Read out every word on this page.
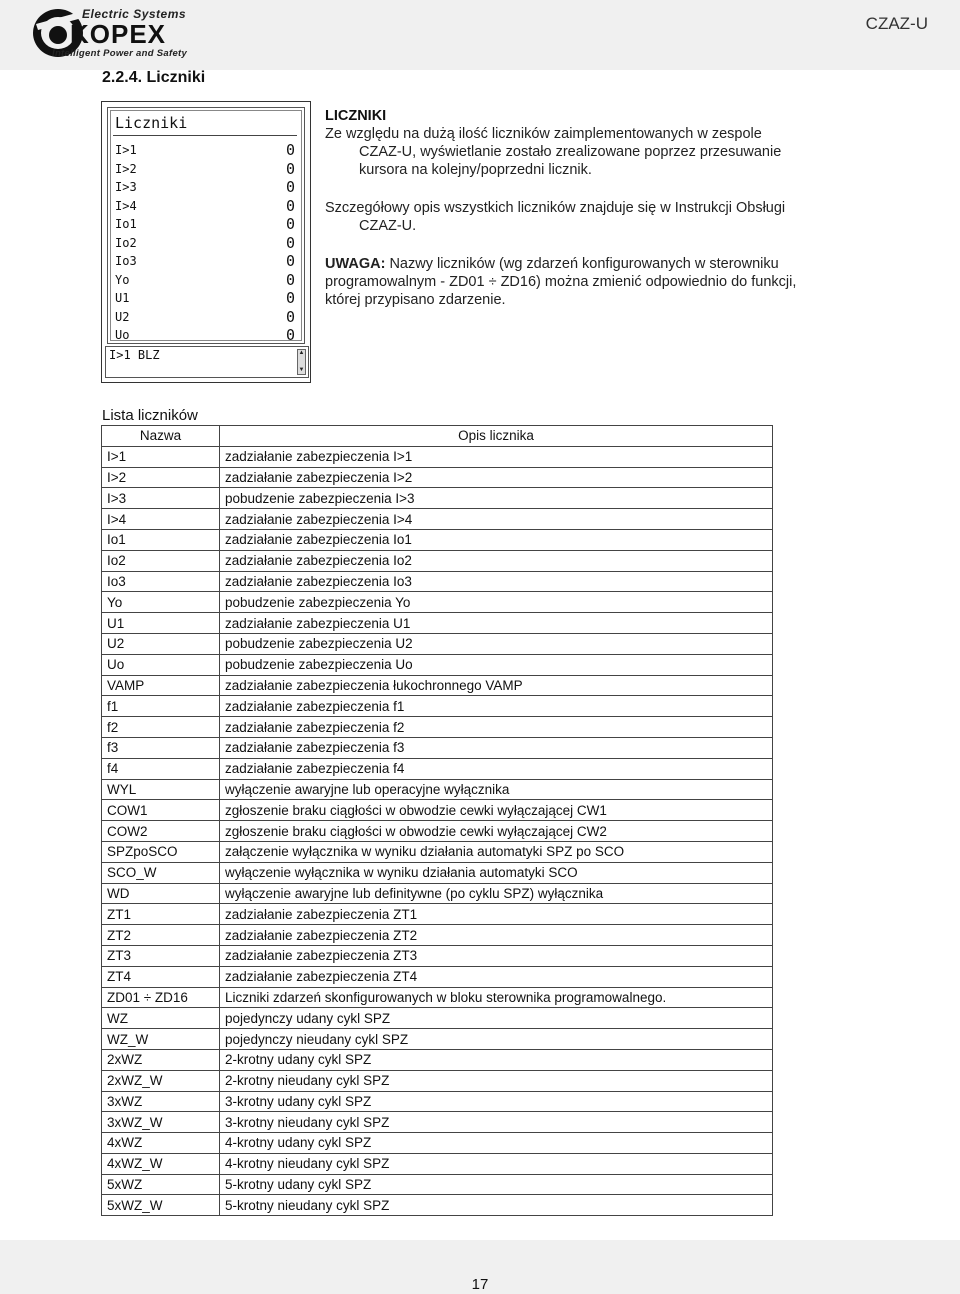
Electric Systems
KOPEX
Intelligent Power and Safety
CZAZ-U
2.2.4. Liczniki
Liczniki
I>1	0
I>2	0
I>3	0
I>4	0
Io1	0
Io2	0
Io3	0
Yo	0
U1	0
U2	0
Uo	0
I>1 BLZ	▲
▼
LICZNIKI
Ze względu na dużą ilość liczników zaimplementowanych w zespole
CZAZ-U, wyświetlanie zostało zrealizowane poprzez przesuwanie
kursora na kolejny/poprzedni licznik.
Szczegółowy opis wszystkich liczników znajduje się w Instrukcji Obsługi
CZAZ-U.
UWAGA: Nazwy liczników (wg zdarzeń konfigurowanych w sterowniku
programowalnym - ZD01 ÷ ZD16) można zmienić odpowiednio do funkcji,
której przypisano zdarzenie.
Lista liczników
Nazwa	Opis licznika
I>1	zadziałanie zabezpieczenia I>1
I>2	zadziałanie zabezpieczenia I>2
I>3	pobudzenie zabezpieczenia I>3
I>4	zadziałanie zabezpieczenia I>4
Io1	zadziałanie zabezpieczenia Io1
Io2	zadziałanie zabezpieczenia Io2
Io3	zadziałanie zabezpieczenia Io3
Yo	pobudzenie zabezpieczenia Yo
U1	zadziałanie zabezpieczenia U1
U2	pobudzenie zabezpieczenia U2
Uo	pobudzenie zabezpieczenia Uo
VAMP	zadziałanie zabezpieczenia łukochronnego VAMP
f1	zadziałanie zabezpieczenia f1
f2	zadziałanie zabezpieczenia f2
f3	zadziałanie zabezpieczenia f3
f4	zadziałanie zabezpieczenia f4
WYL	wyłączenie awaryjne lub operacyjne wyłącznika
COW1	zgłoszenie braku ciągłości w obwodzie cewki wyłączającej CW1
COW2	zgłoszenie braku ciągłości w obwodzie cewki wyłączającej CW2
SPZpoSCO	załączenie wyłącznika w wyniku działania automatyki SPZ po SCO
SCO_W	wyłączenie wyłącznika w wyniku działania automatyki SCO
WD	wyłączenie awaryjne lub definitywne (po cyklu SPZ) wyłącznika
ZT1	zadziałanie zabezpieczenia ZT1
ZT2	zadziałanie zabezpieczenia ZT2
ZT3	zadziałanie zabezpieczenia ZT3
ZT4	zadziałanie zabezpieczenia ZT4
ZD01 ÷ ZD16	Liczniki zdarzeń skonfigurowanych w bloku sterownika programowalnego.
WZ	pojedynczy udany cykl SPZ
WZ_W	pojedynczy nieudany cykl SPZ
2xWZ	2-krotny udany cykl SPZ
2xWZ_W	2-krotny nieudany cykl SPZ
3xWZ	3-krotny udany cykl SPZ
3xWZ_W	3-krotny nieudany cykl SPZ
4xWZ	4-krotny udany cykl SPZ
4xWZ_W	4-krotny nieudany cykl SPZ
5xWZ	5-krotny udany cykl SPZ
5xWZ_W	5-krotny nieudany cykl SPZ
17
